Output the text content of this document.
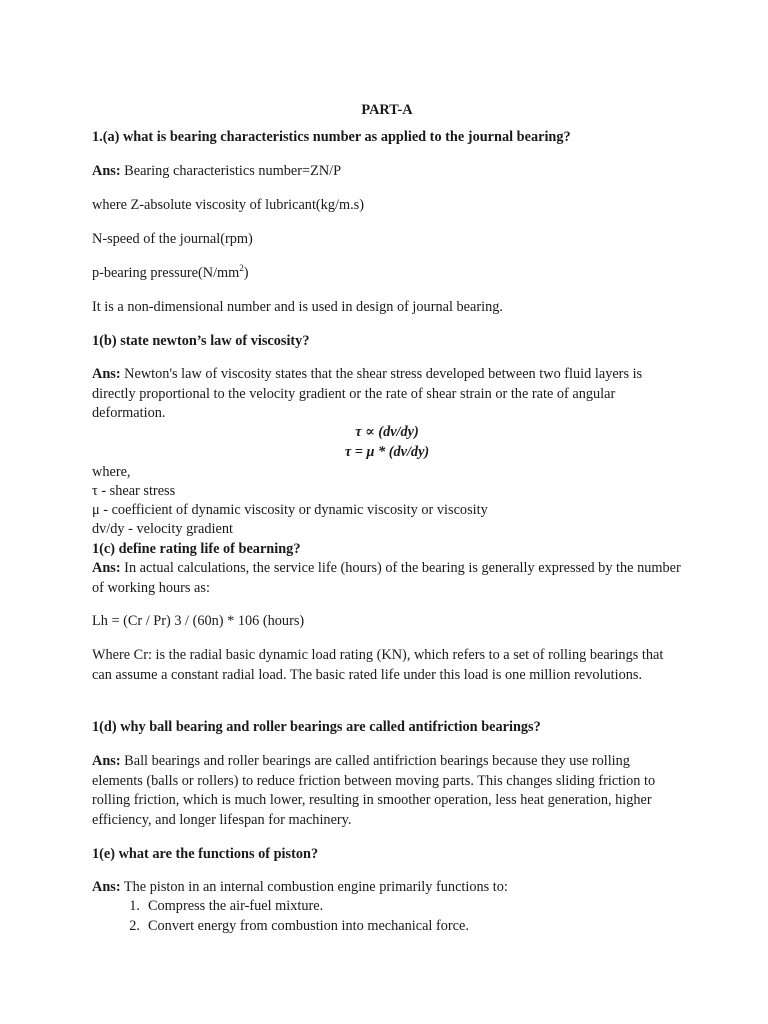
PART-A
1.(a) what is bearing characteristics number as applied to the journal bearing?
Ans: Bearing characteristics number=ZN/P
where Z-absolute viscosity of lubricant(kg/m.s)
N-speed of the journal(rpm)
p-bearing $pressure(N/mm^2)$
It is a non-dimensional number and is used in design of journal bearing.
1(b) state newton’s law of viscosity?
Ans: Newton's law of viscosity states that the shear stress developed between two fluid layers is directly proportional to the velocity gradient or the rate of shear strain or the rate of angular deformation.
τ ∝ (dv/dy)
τ = μ * (dv/dy)
where,
τ - shear stress
μ - coefficient of dynamic viscosity or dynamic viscosity or viscosity
dv/dy - velocity gradient
1(c) define rating life of bearning?
Ans: In actual calculations, the service life (hours) of the bearing is generally expressed by the number of working hours as:
Lh = (Cr / Pr) 3 / (60n) * 106 (hours)
Where Cr: is the radial basic dynamic load rating (KN), which refers to a set of rolling bearings that can assume a constant radial load. The basic rated life under this load is one million revolutions.
1(d) why ball bearing and roller bearings are called antifriction bearings?
Ans: Ball bearings and roller bearings are called antifriction bearings because they use rolling elements (balls or rollers) to reduce friction between moving parts. This changes sliding friction to rolling friction, which is much lower, resulting in smoother operation, less heat generation, higher efficiency, and longer lifespan for machinery.
1(e) what are the functions of piston?
Ans: The piston in an internal combustion engine primarily functions to:
1. Compress the air-fuel mixture.
2. Convert energy from combustion into mechanical force.
